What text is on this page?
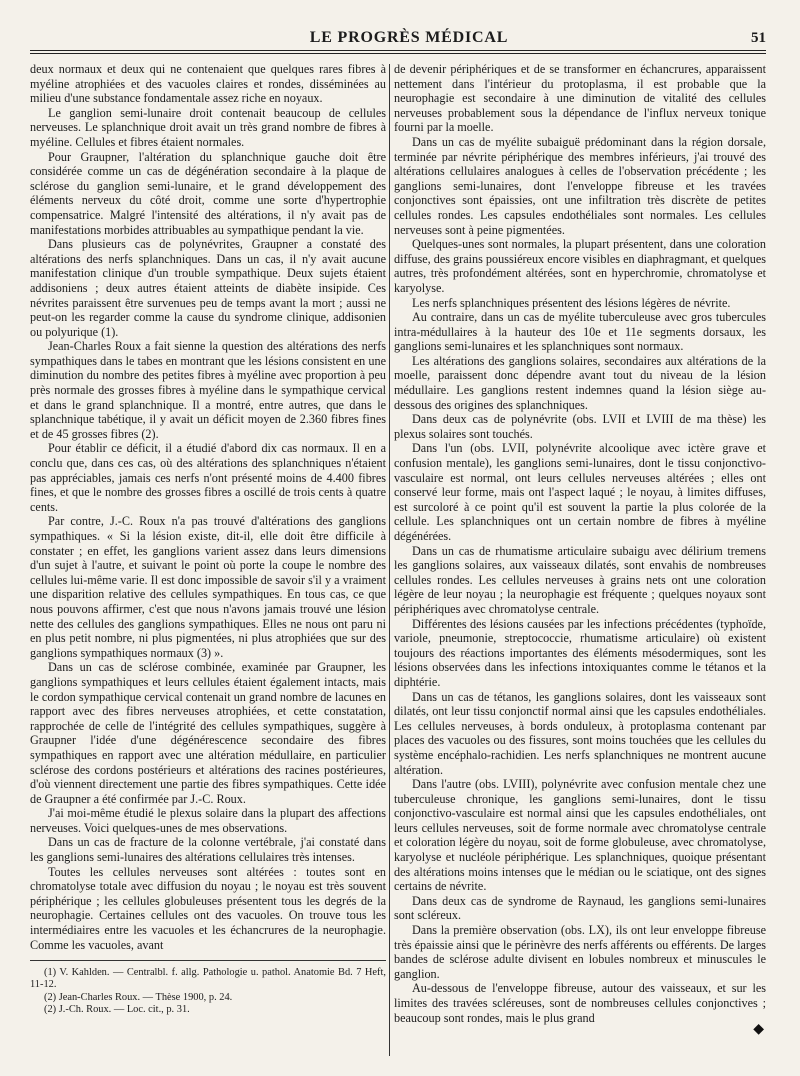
LE PROGRÈS MÉDICAL	51

deux normaux et deux qui ne contenaient que quelques rares fibres à myéline atrophiées et des vacuoles claires et rondes, disséminées au milieu d'une substance fondamentale assez riche en noyaux.

Le ganglion semi-lunaire droit contenait beaucoup de cellules nerveuses. Le splanchnique droit avait un très grand nombre de fibres à myéline. Cellules et fibres étaient normales.

Pour Graupner, l'altération du splanchnique gauche doit être considérée comme un cas de dégénération secondaire à la plaque de sclérose du ganglion semi-lunaire, et le grand développement des éléments nerveux du côté droit, comme une sorte d'hypertrophie compensatrice. Malgré l'intensité des altérations, il n'y avait pas de manifestations morbides attribuables au sympathique pendant la vie.

Dans plusieurs cas de polynévrites, Graupner a constaté des altérations des nerfs splanchniques. Dans un cas, il n'y avait aucune manifestation clinique d'un trouble sympathique. Deux sujets étaient addisoniens ; deux autres étaient atteints de diabète insipide. Ces névrites paraissent être survenues peu de temps avant la mort ; aussi ne peut-on les regarder comme la cause du syndrome clinique, addisonien ou polyurique (1).

Jean-Charles Roux a fait sienne la question des altérations des nerfs sympathiques dans le tabes en montrant que les lésions consistent en une diminution du nombre des petites fibres à myéline avec proportion à peu près normale des grosses fibres à myéline dans le sympathique cervical et dans le grand splanchnique. Il a montré, entre autres, que dans le splanchnique tabétique, il y avait un déficit moyen de 2.360 fibres fines et de 45 grosses fibres (2).

Pour établir ce déficit, il a étudié d'abord dix cas normaux. Il en a conclu que, dans ces cas, où des altérations des splanchniques n'étaient pas appréciables, jamais ces nerfs n'ont présenté moins de 4.400 fibres fines, et que le nombre des grosses fibres a oscillé de trois cents à quatre cents.

Par contre, J.-C. Roux n'a pas trouvé d'altérations des ganglions sympathiques. « Si la lésion existe, dit-il, elle doit être difficile à constater ; en effet, les ganglions varient assez dans leurs dimensions d'un sujet à l'autre, et suivant le point où porte la coupe le nombre des cellules lui-même varie. Il est donc impossible de savoir s'il y a vraiment une disparition relative des cellules sympathiques. En tous cas, ce que nous pouvons affirmer, c'est que nous n'avons jamais trouvé une lésion nette des cellules des ganglions sympathiques. Elles ne nous ont paru ni en plus petit nombre, ni plus pigmentées, ni plus atrophiées que sur des ganglions sympathiques normaux (3) ».

Dans un cas de sclérose combinée, examinée par Graupner, les ganglions sympathiques et leurs cellules étaient également intacts, mais le cordon sympathique cervical contenait un grand nombre de lacunes en rapport avec des fibres nerveuses atrophiées, et cette constatation, rapprochée de celle de l'intégrité des cellules sympathiques, suggère à Graupner l'idée d'une dégénérescence secondaire des fibres sympathiques en rapport avec une altération médullaire, en particulier sclérose des cordons postérieurs et altérations des racines postérieures, d'où viennent directement une partie des fibres sympathiques. Cette idée de Graupner a été confirmée par J.-C. Roux.

J'ai moi-même étudié le plexus solaire dans la plupart des affections nerveuses. Voici quelques-unes de mes observations.

Dans un cas de fracture de la colonne vertébrale, j'ai constaté dans les ganglions semi-lunaires des altérations cellulaires très intenses.

Toutes les cellules nerveuses sont altérées : toutes sont en chromatolyse totale avec diffusion du noyau ; le noyau est très souvent périphérique ; les cellules globuleuses présentent tous les degrés de la neurophagie. Certaines cellules ont des vacuoles. On trouve tous les intermédiaires entre les vacuoles et les échancrures de la neurophagie. Comme les vacuoles, avant

(1) V. Kahlden. — Centralbl. f. allg. Pathologie u. pathol. Anatomie Bd. 7 Heft, 11-12.

(2) Jean-Charles Roux. — Thèse 1900, p. 24.

(2) J.-Ch. Roux. — Loc. cit., p. 31.

de devenir périphériques et de se transformer en échancrures, apparaissent nettement dans l'intérieur du protoplasma, il est probable que la neurophagie est secondaire à une diminution de vitalité des cellules nerveuses probablement sous la dépendance de l'influx nerveux tonique fourni par la moelle.

Dans un cas de myélite subaiguë prédominant dans la région dorsale, terminée par névrite périphérique des membres inférieurs, j'ai trouvé des altérations cellulaires analogues à celles de l'observation précédente ; les ganglions semi-lunaires, dont l'enveloppe fibreuse et les travées conjonctives sont épaissies, ont une infiltration très discrète de petites cellules rondes. Les capsules endothéliales sont normales. Les cellules nerveuses sont à peine pigmentées.

Quelques-unes sont normales, la plupart présentent, dans une coloration diffuse, des grains poussiéreux encore visibles en diaphragmant, et quelques autres, très profondément altérées, sont en hyperchromie, chromatolyse et karyolyse.

Les nerfs splanchniques présentent des lésions légères de névrite.

Au contraire, dans un cas de myélite tuberculeuse avec gros tubercules intra-médullaires à la hauteur des 10e et 11e segments dorsaux, les ganglions semi-lunaires et les splanchniques sont normaux.

Les altérations des ganglions solaires, secondaires aux altérations de la moelle, paraissent donc dépendre avant tout du niveau de la lésion médullaire. Les ganglions restent indemnes quand la lésion siège au-dessous des origines des splanchniques.

Dans deux cas de polynévrite (obs. LVII et LVIII de ma thèse) les plexus solaires sont touchés.

Dans l'un (obs. LVII, polynévrite alcoolique avec ictère grave et confusion mentale), les ganglions semi-lunaires, dont le tissu conjonctivo-vasculaire est normal, ont leurs cellules nerveuses altérées ; elles ont conservé leur forme, mais ont l'aspect laqué ; le noyau, à limites diffuses, est surcoloré à ce point qu'il est souvent la partie la plus colorée de la cellule. Les splanchniques ont un certain nombre de fibres à myéline dégénérées.

Dans un cas de rhumatisme articulaire subaigu avec délirium tremens les ganglions solaires, aux vaisseaux dilatés, sont envahis de nombreuses cellules rondes. Les cellules nerveuses à grains nets ont une coloration légère de leur noyau ; la neurophagie est fréquente ; quelques noyaux sont périphériques avec chromatolyse centrale.

Différentes des lésions causées par les infections précédentes (typhoïde, variole, pneumonie, streptococcie, rhumatisme articulaire) où existent toujours des réactions importantes des éléments mésodermiques, sont les lésions observées dans les infections intoxiquantes comme le tétanos et la diphtérie.

Dans un cas de tétanos, les ganglions solaires, dont les vaisseaux sont dilatés, ont leur tissu conjonctif normal ainsi que les capsules endothéliales. Les cellules nerveuses, à bords onduleux, à protoplasma contenant par places des vacuoles ou des fissures, sont moins touchées que les cellules du système encéphalo-rachidien. Les nerfs splanchniques ne montrent aucune altération.

Dans l'autre (obs. LVIII), polynévrite avec confusion mentale chez une tuberculeuse chronique, les ganglions semi-lunaires, dont le tissu conjonctivo-vasculaire est normal ainsi que les capsules endothéliales, ont leurs cellules nerveuses, soit de forme normale avec chromatolyse centrale et coloration légère du noyau, soit de forme globuleuse, avec chromatolyse, karyolyse et nucléole périphérique. Les splanchniques, quoique présentant des altérations moins intenses que le médian ou le sciatique, ont des signes certains de névrite.

Dans deux cas de syndrome de Raynaud, les ganglions semi-lunaires sont scléreux.

Dans la première observation (obs. LX), ils ont leur enveloppe fibreuse très épaissie ainsi que le périnèvre des nerfs afférents ou efférents. De larges bandes de sclérose adulte divisent en lobules nombreux et minuscules le ganglion.

Au-dessous de l'enveloppe fibreuse, autour des vaisseaux, et sur les limites des travées scléreuses, sont de nombreuses cellules conjonctives ; beaucoup sont rondes, mais le plus grand

◆
